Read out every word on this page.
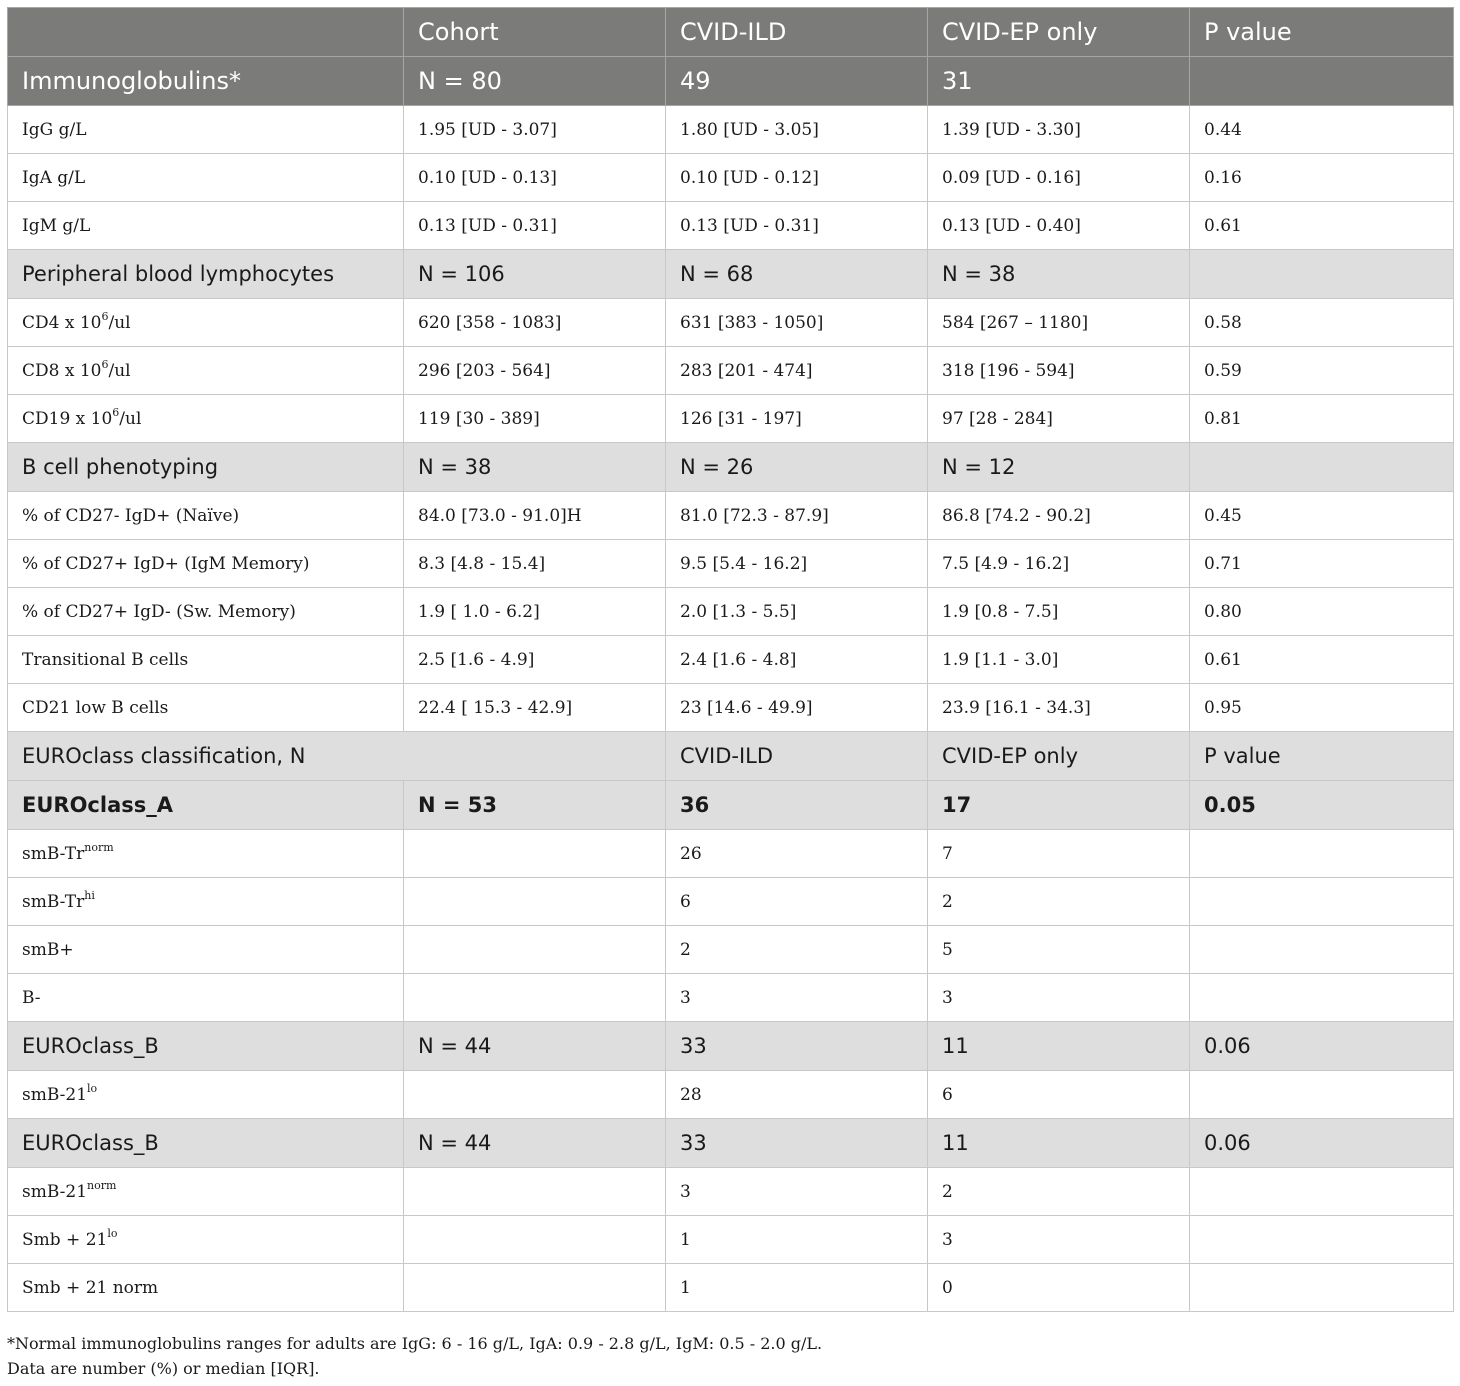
	Cohort	CVID-ILD	CVID-EP only	P value
Immunoglobulins*	N = 80	49	31	
IgG g/L	1.95 [UD - 3.07]	1.80 [UD - 3.05]	1.39 [UD - 3.30]	0.44
IgA g/L	0.10 [UD - 0.13]	0.10 [UD - 0.12]	0.09 [UD - 0.16]	0.16
IgM g/L	0.13 [UD - 0.31]	0.13 [UD - 0.31]	0.13 [UD - 0.40]	0.61
Peripheral blood lymphocytes	N = 106	N = 68	N = 38	
CD4 x $10^6/ul$	620 [358 - 1083]	631 [383 - 1050]	584 [267 – 1180]	0.58
CD8 x $10^6/ul$	296 [203 - 564]	283 [201 - 474]	318 [196 - 594]	0.59
CD19 x $10^6/ul$	119 [30 - 389]	126 [31 - 197]	97 [28 - 284]	0.81
B cell phenotyping	N = 38	N = 26	N = 12	
% of CD27- IgD+ (Naïve)	84.0 [73.0 - 91.0]H	81.0 [72.3 - 87.9]	86.8 [74.2 - 90.2]	0.45
% of CD27+ IgD+ (IgM Memory)	8.3 [4.8 - 15.4]	9.5 [5.4 - 16.2]	7.5 [4.9 - 16.2]	0.71
% of CD27+ IgD- (Sw. Memory)	1.9 [ 1.0 - 6.2]	2.0 [1.3 - 5.5]	1.9 [0.8 - 7.5]	0.80
Transitional B cells	2.5 [1.6 - 4.9]	2.4 [1.6 - 4.8]	1.9 [1.1 - 3.0]	0.61
CD21 low B cells	22.4 [ 15.3 - 42.9]	23 [14.6 - 49.9]	23.9 [16.1 - 34.3]	0.95
EUROclass classification, N		CVID-ILD	CVID-EP only	P value
EUROclass_A	N = 53	36	17	0.05
smB-$Tr^{norm}$		26	7	
smB-$Tr^{hi}$		6	2	
smB+		2	5	
B-		3	3	
EUROclass_B	N = 44	33	11	0.06
smB-$21^{lo}$		28	6	
EUROclass_B	N = 44	33	11	0.06
smB-$21^{norm}$		3	2	
Smb + $21^{lo}$		1	3	
Smb + 21 norm		1	0	
*Normal immunoglobulins ranges for adults are IgG: 6 - 16 g/L, IgA: 0.9 - 2.8 g/L, IgM: 0.5 - 2.0 g/L.
Data are number (%) or median [IQR].
